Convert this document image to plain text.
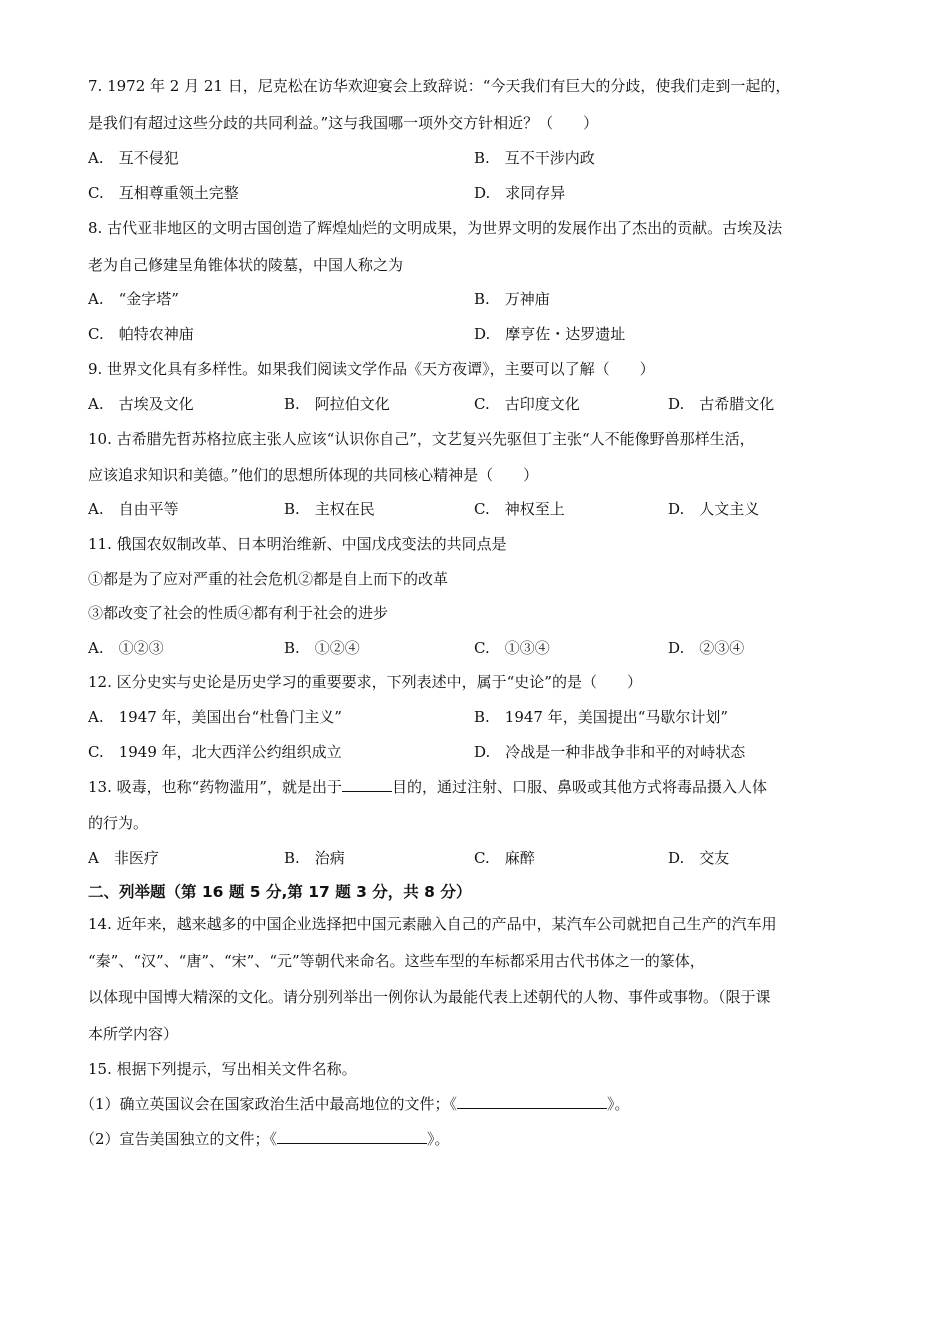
7. 1972 年 2 月 21 日，尼克松在访华欢迎宴会上致辞说：“今天我们有巨大的分歧，使我们走到一起的，
是我们有超过这些分歧的共同利益。”这与我国哪一项外交方针相近？（　　）
A.　互不侵犯	B.　互不干涉内政
C.　互相尊重领土完整	D.　求同存异
8. 古代亚非地区的文明古国创造了辉煌灿烂的文明成果，为世界文明的发展作出了杰出的贡献。古埃及法
老为自己修建呈角锥体状的陵墓，中国人称之为
A.　“金字塔”	B.　万神庙
C.　帕特农神庙	D.　摩亨佐・达罗遗址
9. 世界文化具有多样性。如果我们阅读文学作品《天方夜谭》，主要可以了解（　　）
A.　古埃及文化	B.　阿拉伯文化	C.　古印度文化	D.　古希腊文化
10. 古希腊先哲苏格拉底主张人应该“认识你自己”，文艺复兴先驱但丁主张“人不能像野兽那样生活，
应该追求知识和美德。”他们的思想所体现的共同核心精神是（　　）
A.　自由平等	B.　主权在民	C.　神权至上	D.　人文主义
11. 俄国农奴制改革、日本明治维新、中国戊戌变法的共同点是
①都是为了应对严重的社会危机②都是自上而下的改革
③都改变了社会的性质④都有利于社会的进步
A.　①②③	B.　①②④	C.　①③④	D.　②③④
12. 区分史实与史论是历史学习的重要要求，下列表述中，属于“史论”的是（　　）
A.　1947 年，美国出台“杜鲁门主义”	B.　1947 年，美国提出“马歇尔计划”
C.　1949 年，北大西洋公约组织成立	D.　冷战是一种非战争非和平的对峙状态
13. 吸毒，也称“药物滥用”，就是出于	目的，通过注射、口服、鼻吸或其他方式将毒品摄入人体
的行为。
A　非医疗	B.　治病	C.　麻醉	D.　交友
二、列举题（第 16 题 5 分,第 17 题 3 分，共 8 分）
14. 近年来，越来越多的中国企业选择把中国元素融入自己的产品中，某汽车公司就把自己生产的汽车用
“秦”、“汉”、“唐”、“宋”、“元”等朝代来命名。这些车型的车标都采用古代书体之一的篆体，
以体现中国博大精深的文化。请分别列举出一例你认为最能代表上述朝代的人物、事件或事物。（限于课
本所学内容）
15. 根据下列提示，写出相关文件名称。
（1）确立英国议会在国家政治生活中最高地位的文件；《	》。
（2）宣告美国独立的文件；《	》。
